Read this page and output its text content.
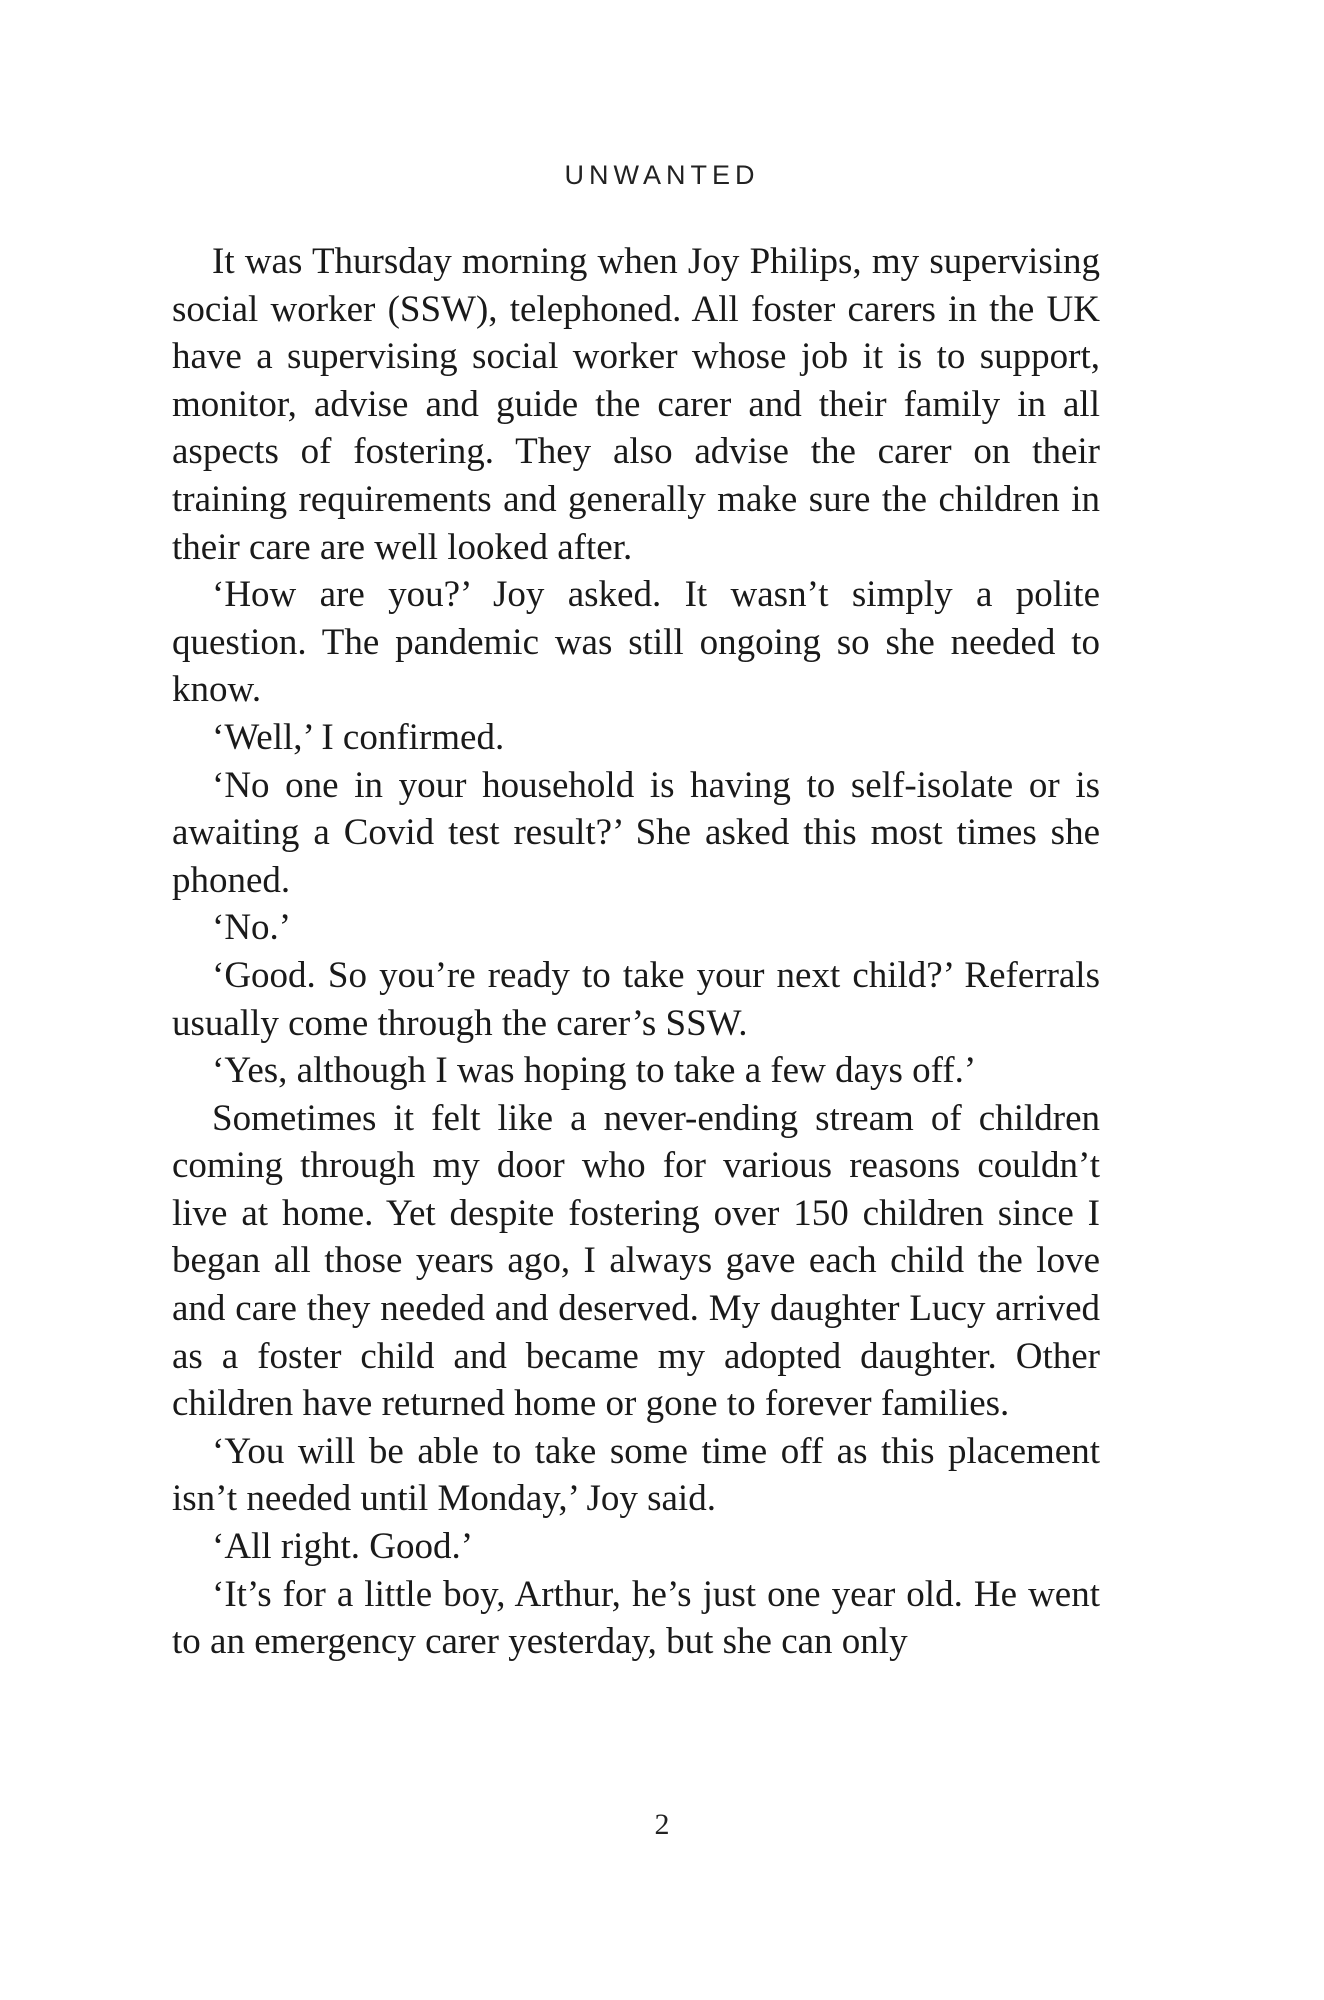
UNWANTED

It was Thursday morning when Joy Philips, my supervising social worker (SSW), telephoned. All foster carers in the UK have a supervising social worker whose job it is to support, monitor, advise and guide the carer and their family in all aspects of fostering. They also advise the carer on their training requirements and generally make sure the children in their care are well looked after.

‘How are you?’ Joy asked. It wasn’t simply a polite question. The pandemic was still ongoing so she needed to know.

‘Well,’ I confirmed.

‘No one in your household is having to self-isolate or is awaiting a Covid test result?’ She asked this most times she phoned.

‘No.’

‘Good. So you’re ready to take your next child?’ Referrals usually come through the carer’s SSW.

‘Yes, although I was hoping to take a few days off.’

Sometimes it felt like a never-ending stream of children coming through my door who for various reasons couldn’t live at home. Yet despite fostering over 150 children since I began all those years ago, I always gave each child the love and care they needed and deserved. My daughter Lucy arrived as a foster child and became my adopted daughter. Other children have returned home or gone to forever families.

‘You will be able to take some time off as this placement isn’t needed until Monday,’ Joy said.

‘All right. Good.’

‘It’s for a little boy, Arthur, he’s just one year old. He went to an emergency carer yesterday, but she can only

2
